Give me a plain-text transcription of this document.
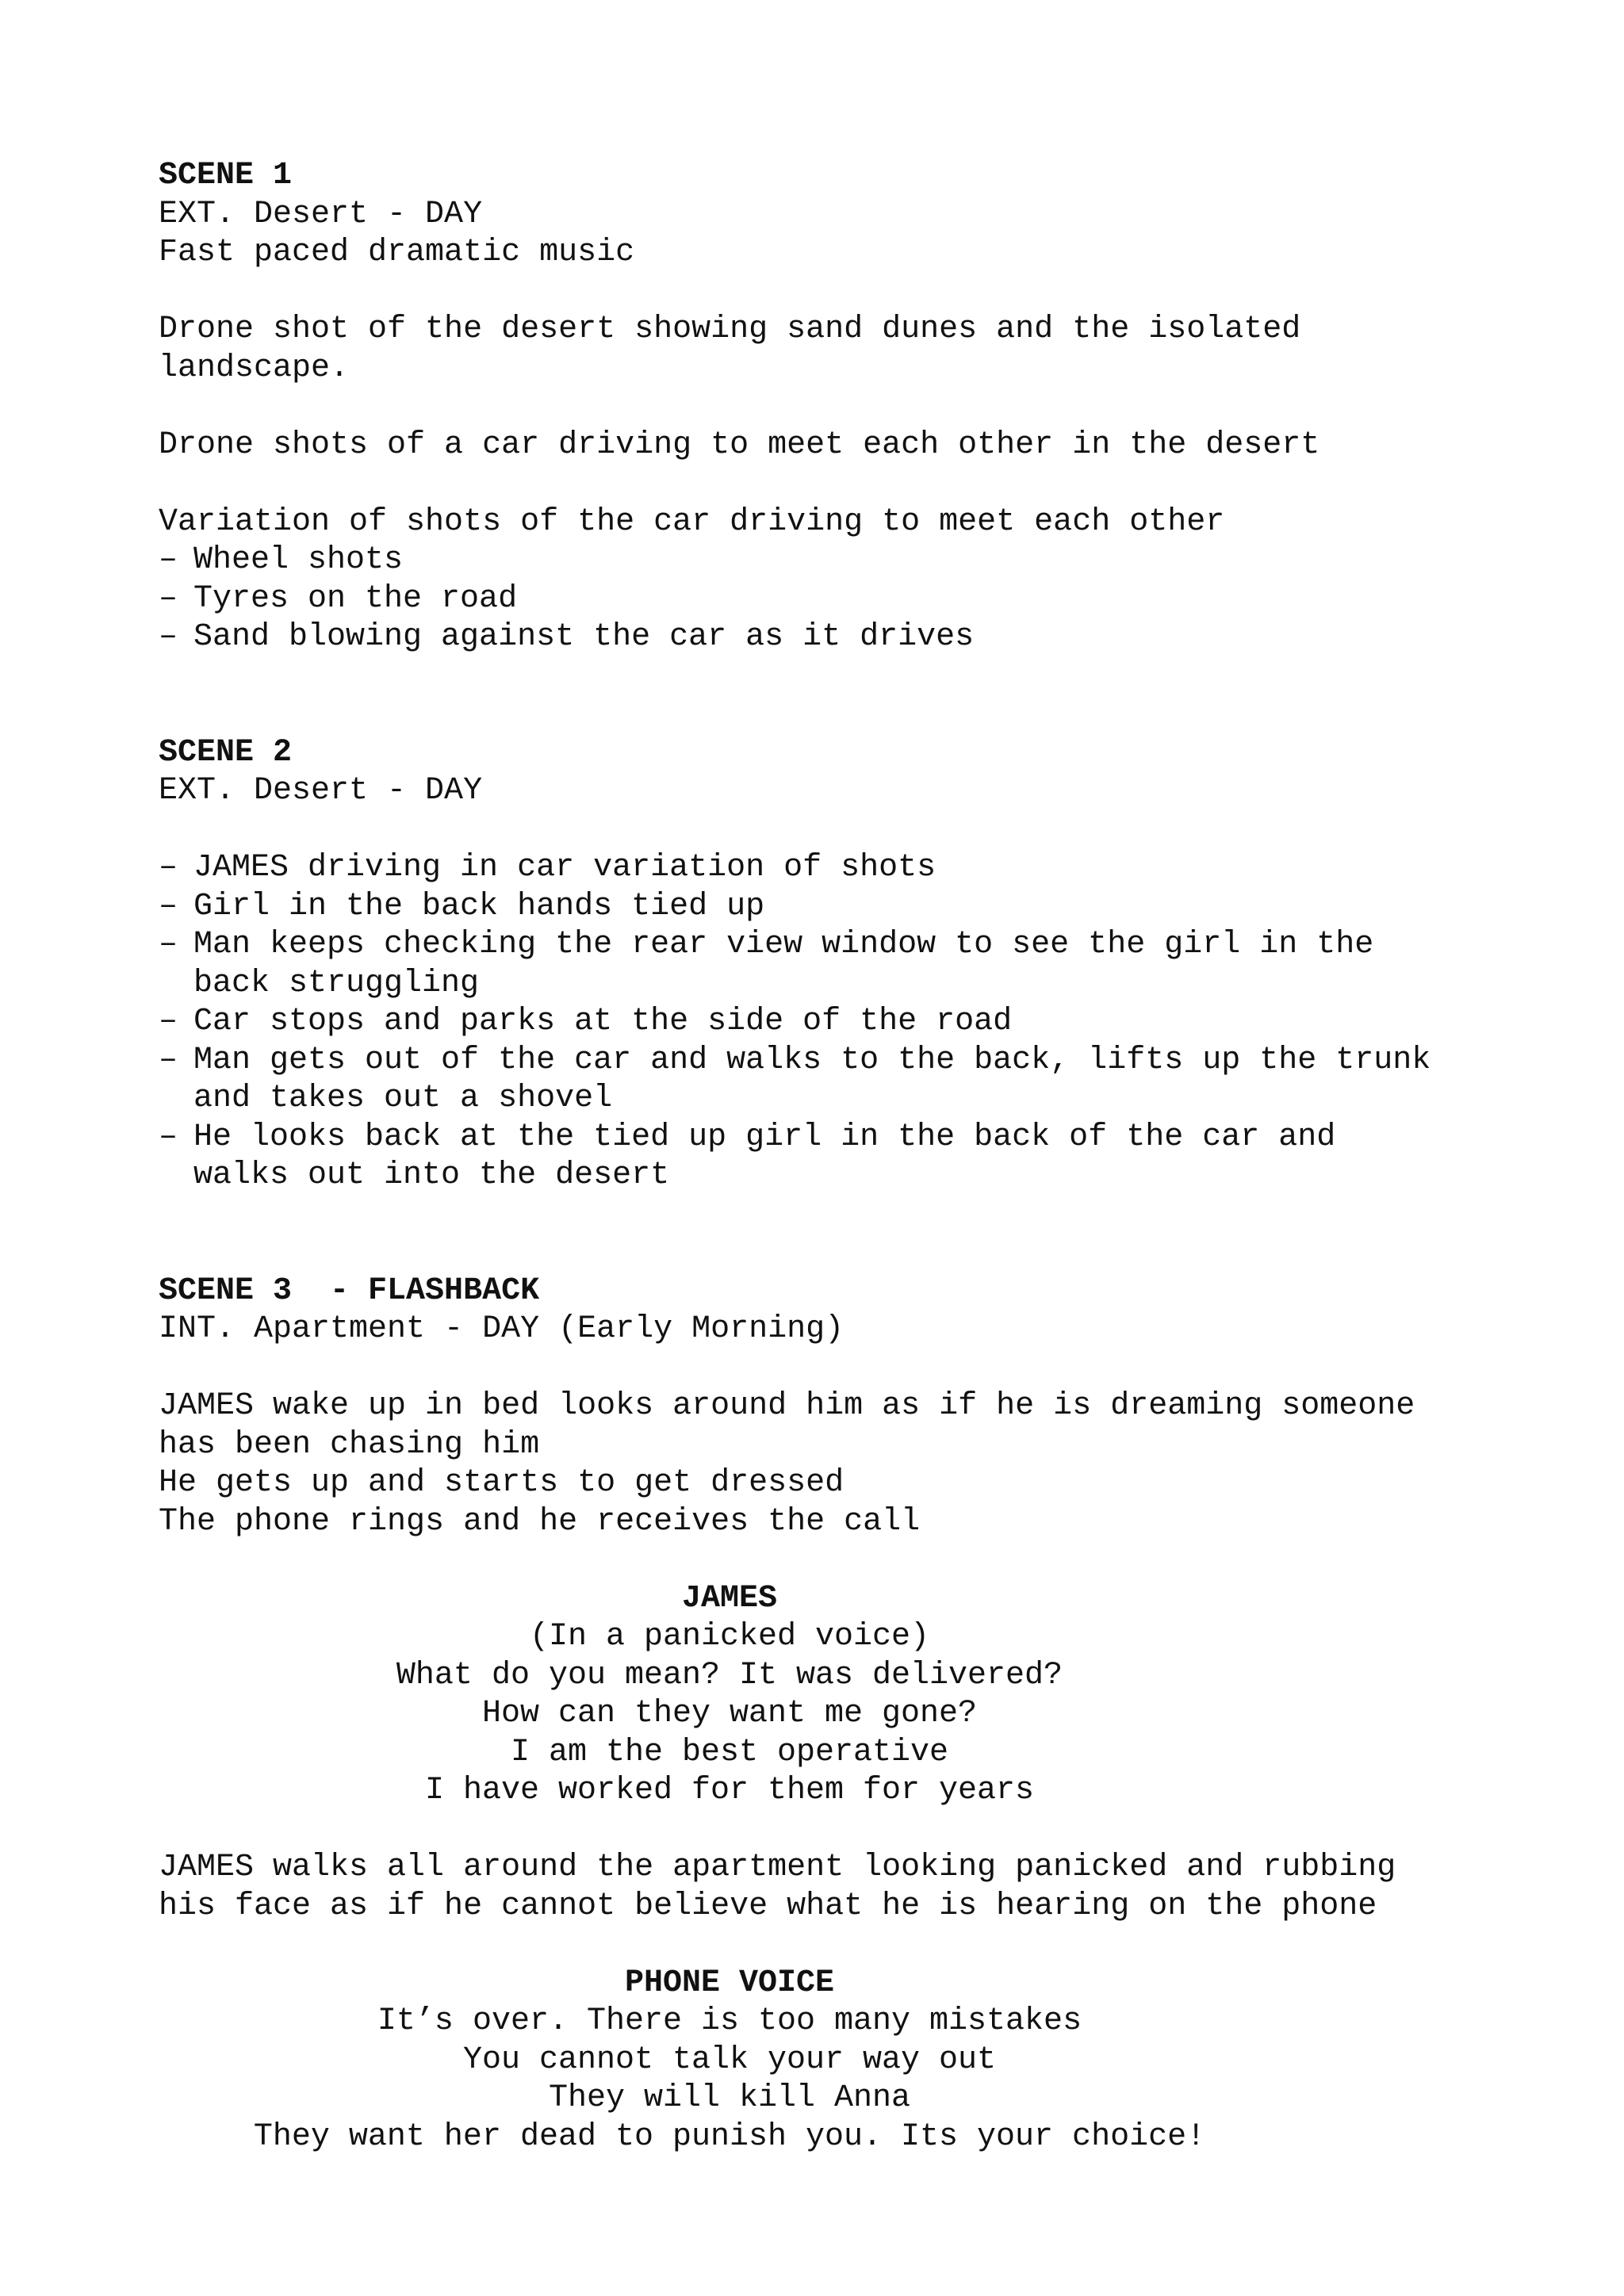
SCENE 1
EXT. Desert - DAY
Fast paced dramatic music
Drone shot of the desert showing sand dunes and the isolated
landscape.
Drone shots of a car driving to meet each other in the desert
Variation of shots of the car driving to meet each other
– Wheel shots
– Tyres on the road
– Sand blowing against the car as it drives
SCENE 2
EXT. Desert - DAY
– JAMES driving in car variation of shots
– Girl in the back hands tied up
– Man keeps checking the rear view window to see the girl in the
back struggling
– Car stops and parks at the side of the road
– Man gets out of the car and walks to the back, lifts up the trunk
and takes out a shovel
– He looks back at the tied up girl in the back of the car and
walks out into the desert
SCENE 3  - FLASHBACK
INT. Apartment - DAY (Early Morning)
JAMES wake up in bed looks around him as if he is dreaming someone
has been chasing him
He gets up and starts to get dressed
The phone rings and he receives the call
JAMES
(In a panicked voice)
What do you mean? It was delivered?
How can they want me gone?
I am the best operative
I have worked for them for years
JAMES walks all around the apartment looking panicked and rubbing
his face as if he cannot believe what he is hearing on the phone
PHONE VOICE
It’s over. There is too many mistakes
You cannot talk your way out
They will kill Anna
They want her dead to punish you. Its your choice!
